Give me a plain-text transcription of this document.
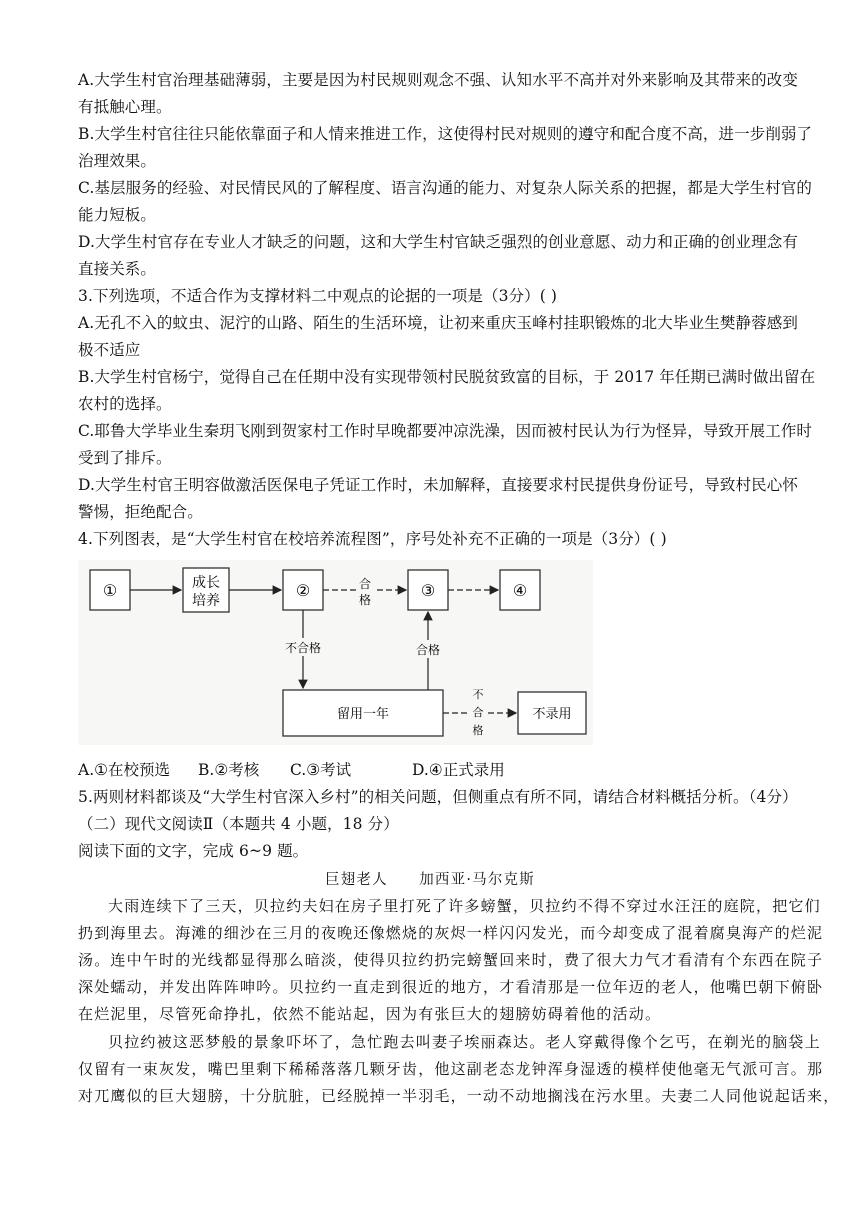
A.大学生村官治理基础薄弱，主要是因为村民规则观念不强、认知水平不高并对外来影响及其带来的改变
有抵触心理。
B.大学生村官往往只能依靠面子和人情来推进工作，这使得村民对规则的遵守和配合度不高，进一步削弱了
治理效果。
C.基层服务的经验、对民情民风的了解程度、语言沟通的能力、对复杂人际关系的把握，都是大学生村官的
能力短板。
D.大学生村官存在专业人才缺乏的问题，这和大学生村官缺乏强烈的创业意愿、动力和正确的创业理念有
直接关系。
3.下列选项，不适合作为支撑材料二中观点的论据的一项是（3分）( )
A.无孔不入的蚊虫、泥泞的山路、陌生的生活环境，让初来重庆玉峰村挂职锻炼的北大毕业生樊静蓉感到
极不适应
B.大学生村官杨宁，觉得自己在任期中没有实现带领村民脱贫致富的目标，于 2017 年任期已满时做出留在
农村的选择。
C.耶鲁大学毕业生秦玥飞刚到贺家村工作时早晚都要冲凉洗澡，因而被村民认为行为怪异，导致开展工作时
受到了排斥。
D.大学生村官王明容做激活医保电子凭证工作时，未加解释，直接要求村民提供身份证号，导致村民心怀
警惕，拒绝配合。
4.下列图表，是“大学生村官在校培养流程图”，序号处补充不正确的一项是（3分）( )
①	成长
培养
②	③	④
合
格
不合格	合格
留用一年
不
合
格
不录用
A.①在校预选 B.②考核 C.③考试	D.④正式录用
5.两则材料都谈及“大学生村官深入乡村”的相关问题，但侧重点有所不同，请结合材料概括分析。（4分）
（二）现代文阅读Ⅱ（本题共 4 小题，18 分）
阅读下面的文字，完成 6~9 题。
巨翅老人　　加西亚·马尔克斯
大雨连续下了三天，贝拉约夫妇在房子里打死了许多螃蟹，贝拉约不得不穿过水汪汪的庭院，把它们
扔到海里去。海滩的细沙在三月的夜晚还像燃烧的灰烬一样闪闪发光，而今却变成了混着腐臭海产的烂泥
汤。连中午时的光线都显得那么暗淡，使得贝拉约扔完螃蟹回来时，费了很大力气才看清有个东西在院子
深处蠕动，并发出阵阵呻吟。贝拉约一直走到很近的地方，才看清那是一位年迈的老人，他嘴巴朝下俯卧
在烂泥里，尽管死命挣扎，依然不能站起，因为有张巨大的翅膀妨碍着他的活动。
贝拉约被这恶梦般的景象吓坏了，急忙跑去叫妻子埃丽森达。老人穿戴得像个乞丐，在剃光的脑袋上
仅留有一束灰发，嘴巴里剩下稀稀落落几颗牙齿，他这副老态龙钟浑身湿透的模样使他毫无气派可言。那
对兀鹰似的巨大翅膀，十分肮脏，已经脱掉一半羽毛，一动不动地搁浅在污水里。夫妻二人同他说起话来，
